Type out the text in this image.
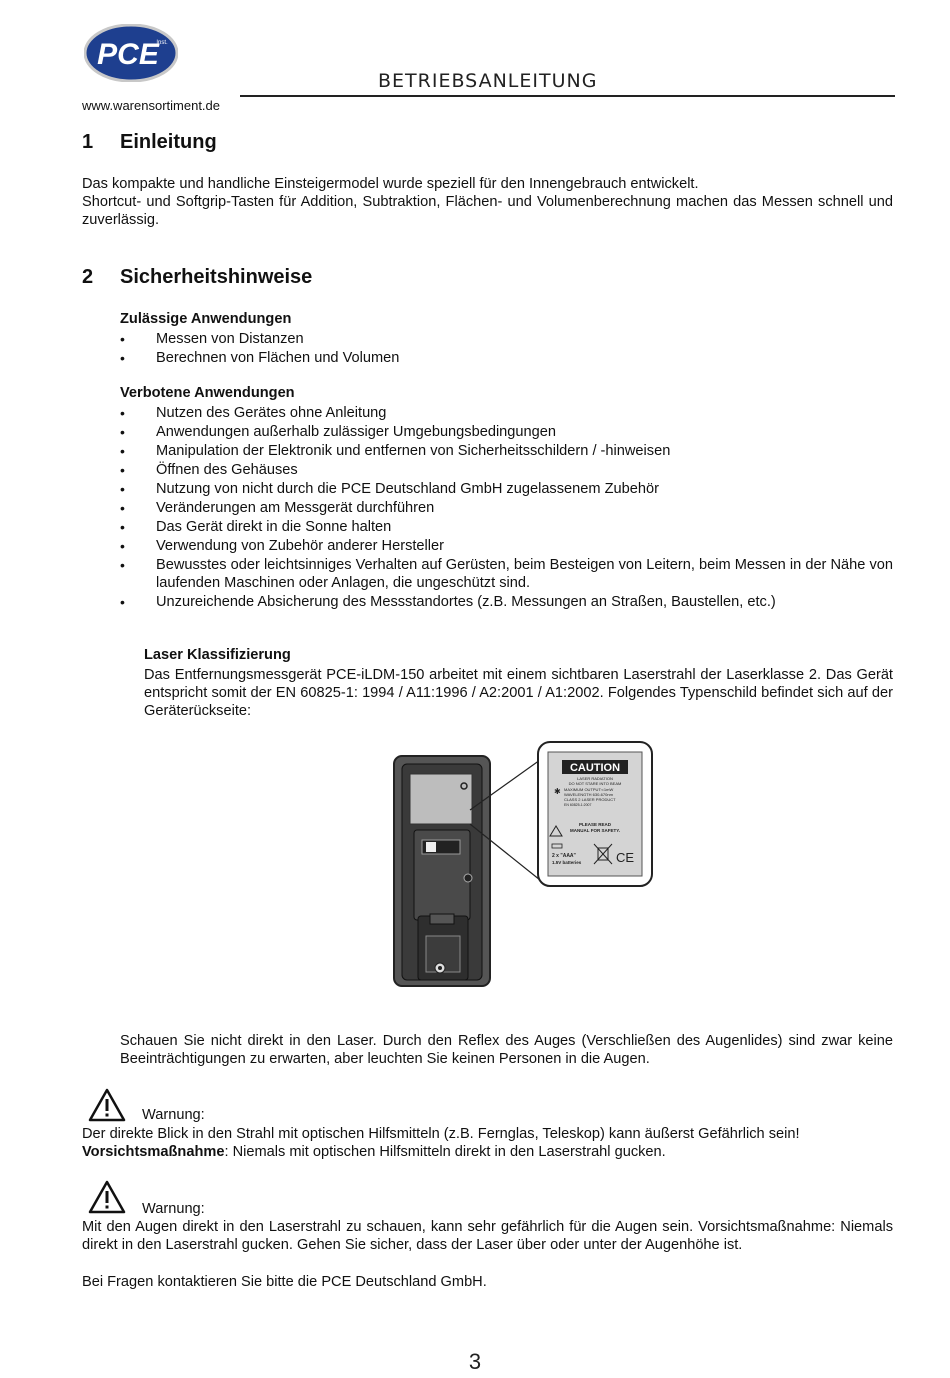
PCE
Inst.
BETRIEBSANLEITUNG
www.warensortiment.de
1 Einleitung

Das kompakte und handliche Einsteigermodel wurde speziell für den Innengebrauch entwickelt.

Shortcut- und Softgrip-Tasten für Addition, Subtraktion, Flächen- und Volumenberechnung machen das Messen schnell und zuverlässig.

2 Sicherheitshinweise
Zulässige Anwendungen
• Messen von Distanzen
• Berechnen von Flächen und Volumen
Verbotene Anwendungen
• Nutzen des Gerätes ohne Anleitung
• Anwendungen außerhalb zulässiger Umgebungsbedingungen
• Manipulation der Elektronik und entfernen von Sicherheitsschildern / -hinweisen
• Öffnen des Gehäuses
• Nutzung von nicht durch die PCE Deutschland GmbH zugelassenem Zubehör
• Veränderungen am Messgerät durchführen
• Das Gerät direkt in die Sonne halten
• Verwendung von Zubehör anderer Hersteller
• Bewusstes oder leichtsinniges Verhalten auf Gerüsten, beim Besteigen von Leitern, beim Messen in der Nähe von laufenden Maschinen oder Anlagen, die ungeschützt sind.
• Unzureichende Absicherung des Messstandortes (z.B. Messungen an Straßen, Baustellen, etc.)
Laser Klassifizierung

Das Entfernungsmessgerät PCE-iLDM-150 arbeitet mit einem sichtbaren Laserstrahl der Laserklasse 2. Das Gerät entspricht somit der EN 60825-1: 1994 / A11:1996 / A2:2001 / A1:2002. Folgendes Typenschild befindet sich auf der Geräterückseite:

CAUTION
LASER RADIATION
DO NOT STARE INTO BEAM
MAXIMUM OUTPUT:<1mW
WAVELENGTH 630-670nm
CLASS 2 LASER PRODUCT
EN 60825-1:2007
✱
PLEASE READ
MANUAL FOR SAFETY.
2 x "AAA"
1.5V batteries	CE

Schauen Sie nicht direkt in den Laser. Durch den Reflex des Auges (Verschließen des Augenlides) sind zwar keine Beeinträchtigungen zu erwarten, aber leuchten Sie keinen Personen in die Augen.

Warnung:

Der direkte Blick in den Strahl mit optischen Hilfsmitteln (z.B. Fernglas, Teleskop) kann äußerst Gefährlich sein!

Vorsichtsmaßnahme: Niemals mit optischen Hilfsmitteln direkt in den Laserstrahl gucken.

Warnung:

Mit den Augen direkt in den Laserstrahl zu schauen, kann sehr gefährlich für die Augen sein. Vorsichtsmaßnahme: Niemals direkt in den Laserstrahl gucken. Gehen Sie sicher, dass der Laser über oder unter der Augenhöhe ist.

Bei Fragen kontaktieren Sie bitte die PCE Deutschland GmbH.

3
